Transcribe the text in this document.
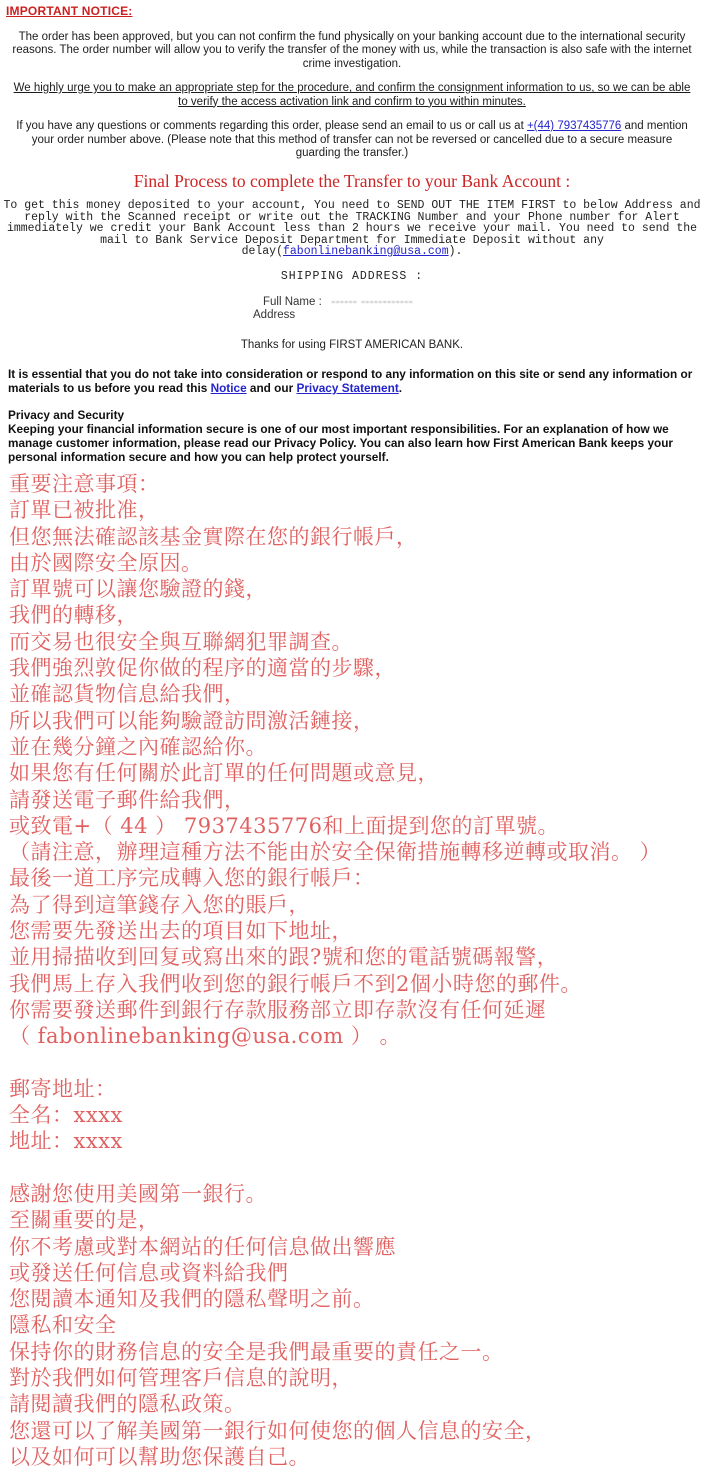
IMPORTANT NOTICE:
The order has been approved, but you can not confirm the fund physically on your banking account due to the international security reasons. The order number will allow you to verify the transfer of the money with us, while the transaction is also safe with the internet crime investigation.
We highly urge you to make an appropriate step for the procedure, and confirm the consignment information to us, so we can be able to verify the access activation link and confirm to you within minutes.
If you have any questions or comments regarding this order, please send an email to us or call us at +(44) 7937435776 and mention your order number above. (Please note that this method of transfer can not be reversed or cancelled due to a secure measure guarding the transfer.)
Final Process to complete the Transfer to your Bank Account :
To get this money deposited to your account, You need to SEND OUT THE ITEM FIRST to below Address and reply with the Scanned receipt or write out the TRACKING Number and your Phone number for Alert immediately we credit your Bank Account less than 2 hours we receive your mail. You need to send the mail to Bank Service Deposit Department for Immediate Deposit without any delay(fabonlinebanking@usa.com).
SHIPPING ADDRESS :
Full Name : ------ ------------
Address
Thanks for using FIRST AMERICAN BANK.
It is essential that you do not take into consideration or respond to any information on this site or send any information or materials to us before you read this Notice and our Privacy Statement.
Privacy and Security
Keeping your financial information secure is one of our most important responsibilities. For an explanation of how we manage customer information, please read our Privacy Policy. You can also learn how First American Bank keeps your personal information secure and how you can help protect yourself.
重要注意事項：
訂單已被批准，
但您無法確認該基金實際在您的銀行帳戶，
由於國際安全原因。
訂單號可以讓您驗證的錢，
我們的轉移，
而交易也很安全與互聯網犯罪調查。
我們強烈敦促你做的程序的適當的步驟，
並確認貨物信息給我們，
所以我們可以能夠驗證訪問激活鏈接，
並在幾分鐘之內確認給你。
如果您有任何關於此訂單的任何問題或意見，
請發送電子郵件給我們，
或致電+（ 44 ） 7937435776和上面提到您的訂單號。
（請注意，辦理這種方法不能由於安全保衛措施轉移逆轉或取消。 ）
最後一道工序完成轉入您的銀行帳戶：
為了得到這筆錢存入您的賬戶，
您需要先發送出去的項目如下地址，
並用掃描收到回复或寫出來的跟?號和您的電話號碼報警，
我們馬上存入我們收到您的銀行帳戶不到2個小時您的郵件。
你需要發送郵件到銀行存款服務部立即存款沒有任何延遲
（ fabonlinebanking@usa.com ） 。

郵寄地址：
全名：xxxx
地址：xxxx

感謝您使用美國第一銀行。
至關重要的是，
你不考慮或對本網站的任何信息做出響應
或發送任何信息或資料給我們
您閱讀本通知及我們的隱私聲明之前。
隱私和安全
保持你的財務信息的安全是我們最重要的責任之一。
對於我們如何管理客戶信息的說明，
請閱讀我們的隱私政策。
您還可以了解美國第一銀行如何使您的個人信息的安全，
以及如何可以幫助您保護自己。
